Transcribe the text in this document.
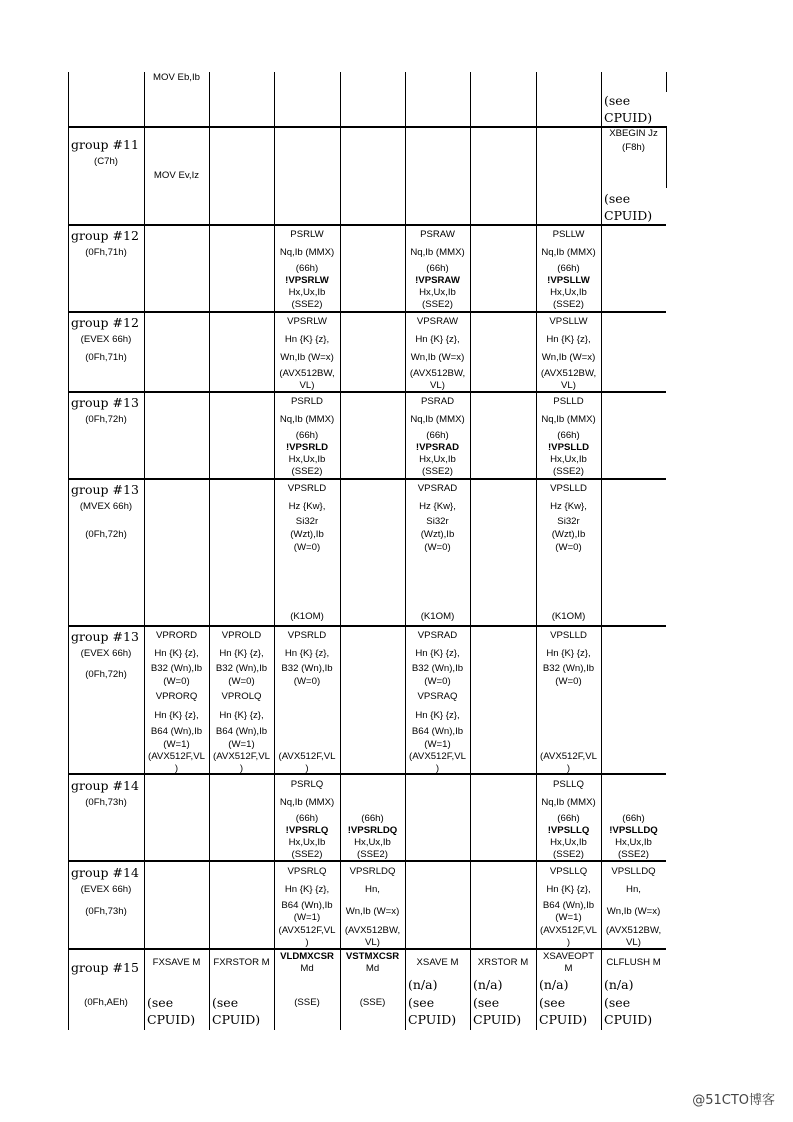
MOV Eb,Ib
(see
CPUID)
group #11
(C7h)
MOV Ev,Iz
XBEGIN Jz
(F8h)
(see
CPUID)
group #12
(0Fh,71h)
PSRLW
Nq,Ib (MMX)
(66h)
!VPSRLW
Hx,Ux,Ib
(SSE2)
PSRAW
Nq,Ib (MMX)
(66h)
!VPSRAW
Hx,Ux,Ib
(SSE2)
PSLLW
Nq,Ib (MMX)
(66h)
!VPSLLW
Hx,Ux,Ib
(SSE2)
group #12
(EVEX 66h)
(0Fh,71h)
VPSRLW
Hn {K} {z},
Wn,Ib (W=x)
(AVX512BW,
VL)
VPSRAW
Hn {K} {z},
Wn,Ib (W=x)
(AVX512BW,
VL)
VPSLLW
Hn {K} {z},
Wn,Ib (W=x)
(AVX512BW,
VL)
group #13
(0Fh,72h)
PSRLD
Nq,Ib (MMX)
(66h)
!VPSRLD
Hx,Ux,Ib
(SSE2)
PSRAD
Nq,Ib (MMX)
(66h)
!VPSRAD
Hx,Ux,Ib
(SSE2)
PSLLD
Nq,Ib (MMX)
(66h)
!VPSLLD
Hx,Ux,Ib
(SSE2)
group #13
(MVEX 66h)
(0Fh,72h)
VPSRLD
Hz {Kw},
Si32r
(Wzt),Ib
(W=0)
(K1OM)
VPSRAD
Hz {Kw},
Si32r
(Wzt),Ib
(W=0)
(K1OM)
VPSLLD
Hz {Kw},
Si32r
(Wzt),Ib
(W=0)
(K1OM)
group #13
(EVEX 66h)
(0Fh,72h)
VPRORD
Hn {K} {z},
B32 (Wn),Ib
(W=0)
VPRORQ
Hn {K} {z},
B64 (Wn),Ib
(W=1)
(AVX512F,VL
)
VPROLD
Hn {K} {z},
B32 (Wn),Ib
(W=0)
VPROLQ
Hn {K} {z},
B64 (Wn),Ib
(W=1)
(AVX512F,VL
)
VPSRLD
Hn {K} {z},
B32 (Wn),Ib
(W=0)
(AVX512F,VL
)
VPSRAD
Hn {K} {z},
B32 (Wn),Ib
(W=0)
VPSRAQ
Hn {K} {z},
B64 (Wn),Ib
(W=1)
(AVX512F,VL
)
VPSLLD
Hn {K} {z},
B32 (Wn),Ib
(W=0)
(AVX512F,VL
)
group #14
(0Fh,73h)
PSRLQ
Nq,Ib (MMX)
(66h)
!VPSRLQ
Hx,Ux,Ib
(SSE2)
(66h)
!VPSRLDQ
Hx,Ux,Ib
(SSE2)
PSLLQ
Nq,Ib (MMX)
(66h)
!VPSLLQ
Hx,Ux,Ib
(SSE2)
(66h)
!VPSLLDQ
Hx,Ux,Ib
(SSE2)
group #14
(EVEX 66h)
(0Fh,73h)
VPSRLQ
Hn {K} {z},
B64 (Wn),Ib
(W=1)
(AVX512F,VL
)
VPSRLDQ
Hn,
Wn,Ib (W=x)
(AVX512BW,
VL)
VPSLLQ
Hn {K} {z},
B64 (Wn),Ib
(W=1)
(AVX512F,VL
)
VPSLLDQ
Hn,
Wn,Ib (W=x)
(AVX512BW,
VL)
group #15
(0Fh,AEh)
FXSAVE M
(see
CPUID)
FXRSTOR M
(see
CPUID)
VLDMXCSR
Md
(SSE)
VSTMXCSR
Md
(SSE)
XSAVE M
(n/a)
(see
CPUID)
XRSTOR M
(n/a)
(see
CPUID)
XSAVEOPT
M
(n/a)
(see
CPUID)
CLFLUSH M
(n/a)
(see
CPUID)
@51CTO博客
